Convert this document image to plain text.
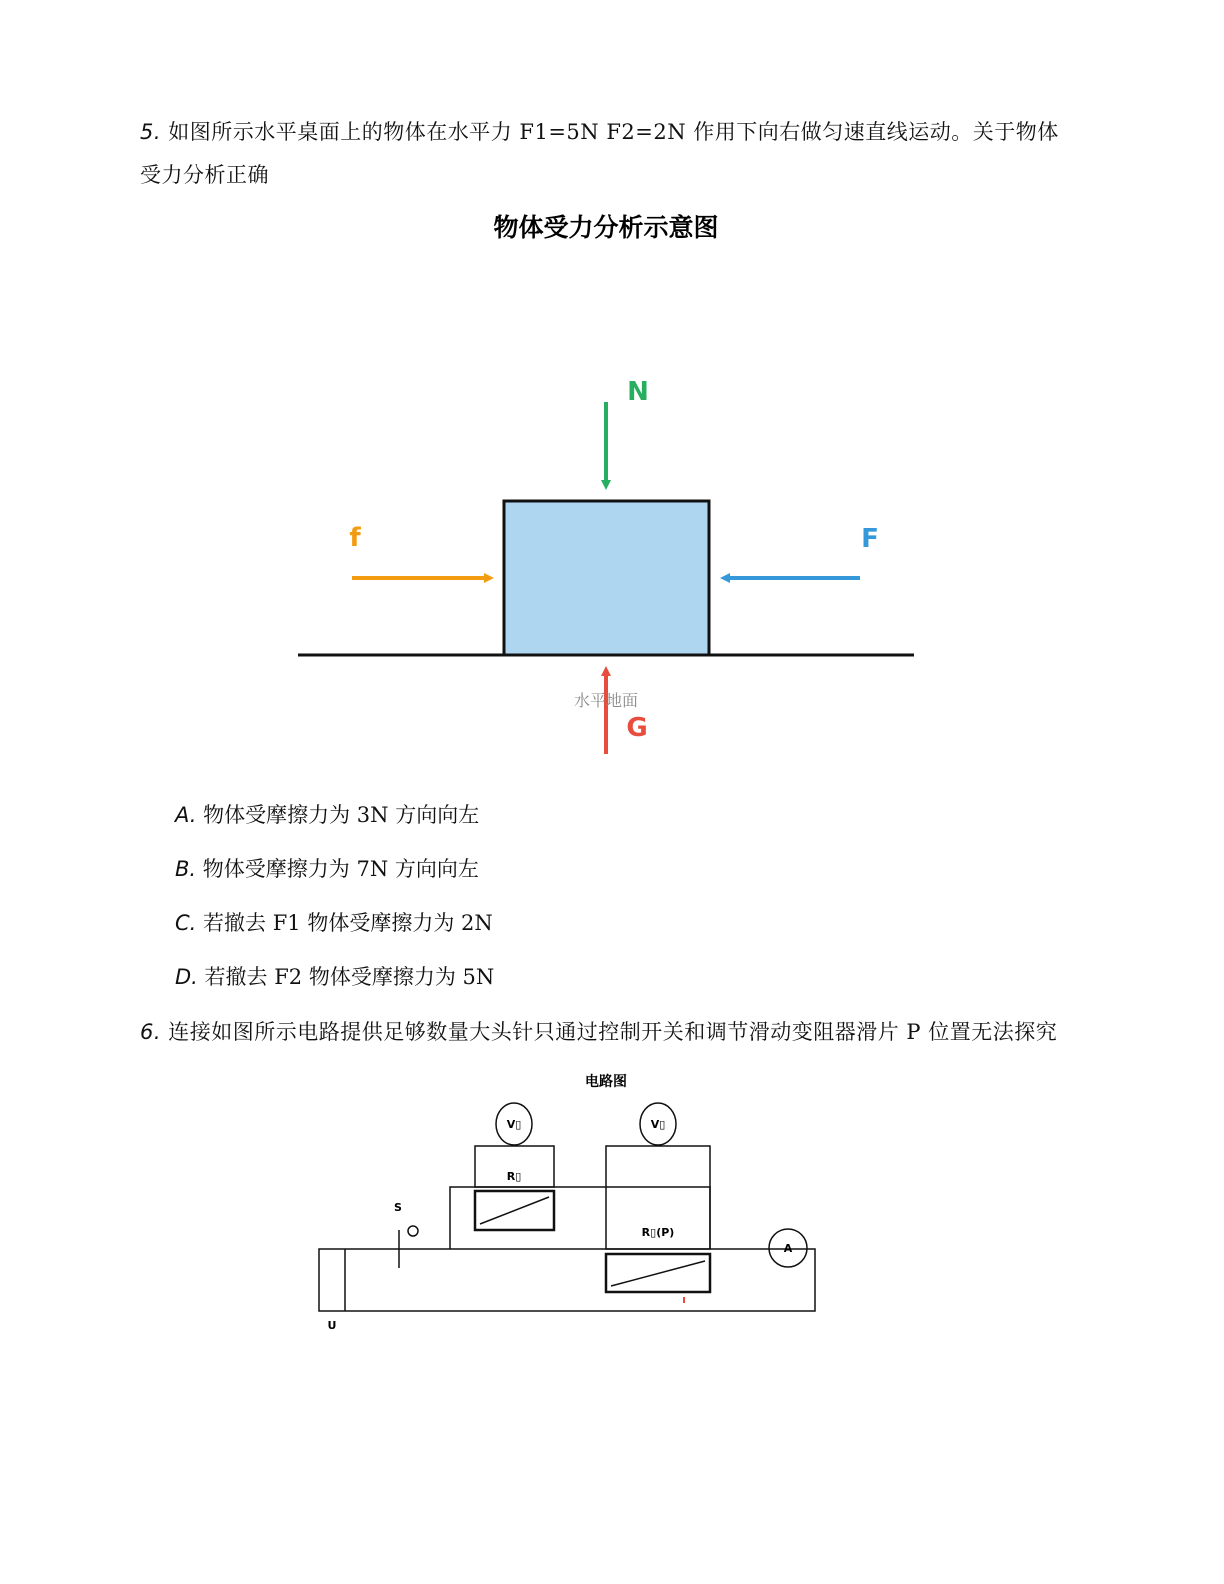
5. 如图所示水平桌面上的物体在水平力 F1=5N F2=2N 作用下向右做匀速直线运动。关于物体
受力分析正确
物体受力分析示意图
N
f	F
G
水平地面
A. 物体受摩擦力为 3N 方向向左
B. 物体受摩擦力为 7N 方向向左
C. 若撤去 F1 物体受摩擦力为 2N
D. 若撤去 F2 物体受摩擦力为 5N
6. 连接如图所示电路提供足够数量大头针只通过控制开关和调节滑动变阻器滑片 P 位置无法探究
电路图
S
V▯	V▯
R▯
R▯(P)
A
U
